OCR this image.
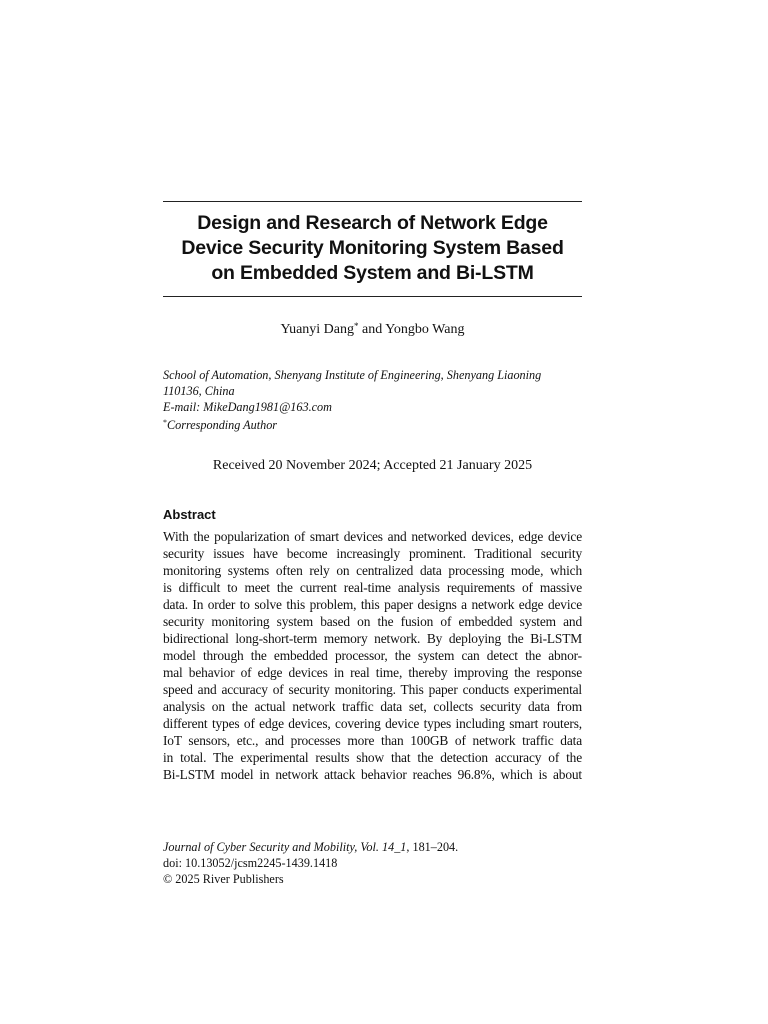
Design and Research of Network Edge
Device Security Monitoring System Based
on Embedded System and Bi-LSTM
Yuanyi Dang* and Yongbo Wang
School of Automation, Shenyang Institute of Engineering, Shenyang Liaoning
110136, China
E-mail: MikeDang1981@163.com
*Corresponding Author
Received 20 November 2024; Accepted 21 January 2025
Abstract
With the popularization of smart devices and networked devices, edge device
security issues have become increasingly prominent. Traditional security
monitoring systems often rely on centralized data processing mode, which
is difficult to meet the current real-time analysis requirements of massive
data. In order to solve this problem, this paper designs a network edge device
security monitoring system based on the fusion of embedded system and
bidirectional long-short-term memory network. By deploying the Bi-LSTM
model through the embedded processor, the system can detect the abnor-
mal behavior of edge devices in real time, thereby improving the response
speed and accuracy of security monitoring. This paper conducts experimental
analysis on the actual network traffic data set, collects security data from
different types of edge devices, covering device types including smart routers,
IoT sensors, etc., and processes more than 100GB of network traffic data
in total. The experimental results show that the detection accuracy of the
Bi-LSTM model in network attack behavior reaches 96.8%, which is about
Journal of Cyber Security and Mobility, Vol. 14_1, 181–204.
doi: 10.13052/jcsm2245-1439.1418
© 2025 River Publishers
